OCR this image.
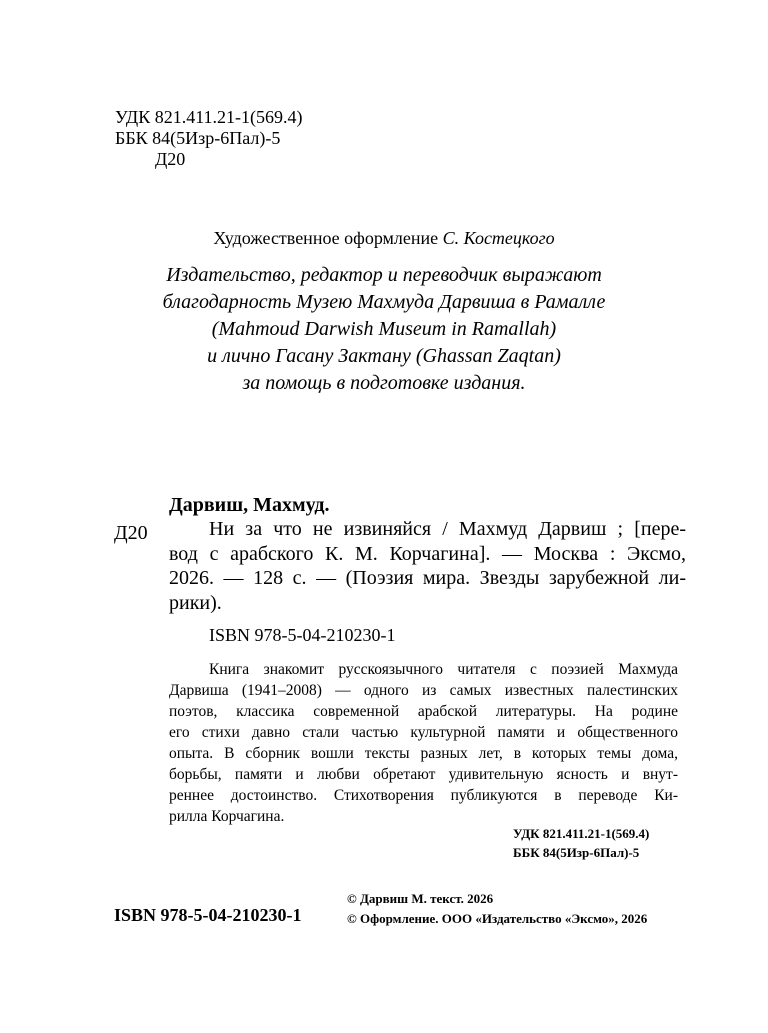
УДК 821.411.21-1(569.4)
ББК 84(5Изр-6Пал)-5
Д20
Художественное оформление С. Костецкого
Издательство, редактор и переводчик выражают
благодарность Музею Махмуда Дарвиша в Рамалле
(Mahmoud Darwish Museum in Ramallah)
и лично Гасану Зактану (Ghassan Zaqtan)
за помощь в подготовке издания.
Дарвиш, Махмуд.
Д20	Ни за что не извиняйся / Махмуд Дарвиш ; [пере-
вод с арабского К. М. Корчагина]. — Москва : Эксмо,
2026. — 128 с. — (Поэзия мира. Звезды зарубежной ли-
рики).
ISBN 978-5-04-210230-1
Книга знакомит русскоязычного читателя с поэзией Махмуда
Дарвиша (1941–2008) — одного из самых известных палестинских
поэтов, классика современной арабской литературы. На родине
его стихи давно стали частью культурной памяти и общественного
опыта. В сборник вошли тексты разных лет, в которых темы дома,
борьбы, памяти и любви обретают удивительную ясность и внут-
реннее достоинство. Стихотворения публикуются в переводе Ки-
рилла Корчагина.
УДК 821.411.21-1(569.4)
ББК 84(5Изр-6Пал)-5
ISBN 978-5-04-210230-1
© Дарвиш М. текст. 2026
© Оформление. ООО «Издательство «Эксмо», 2026
